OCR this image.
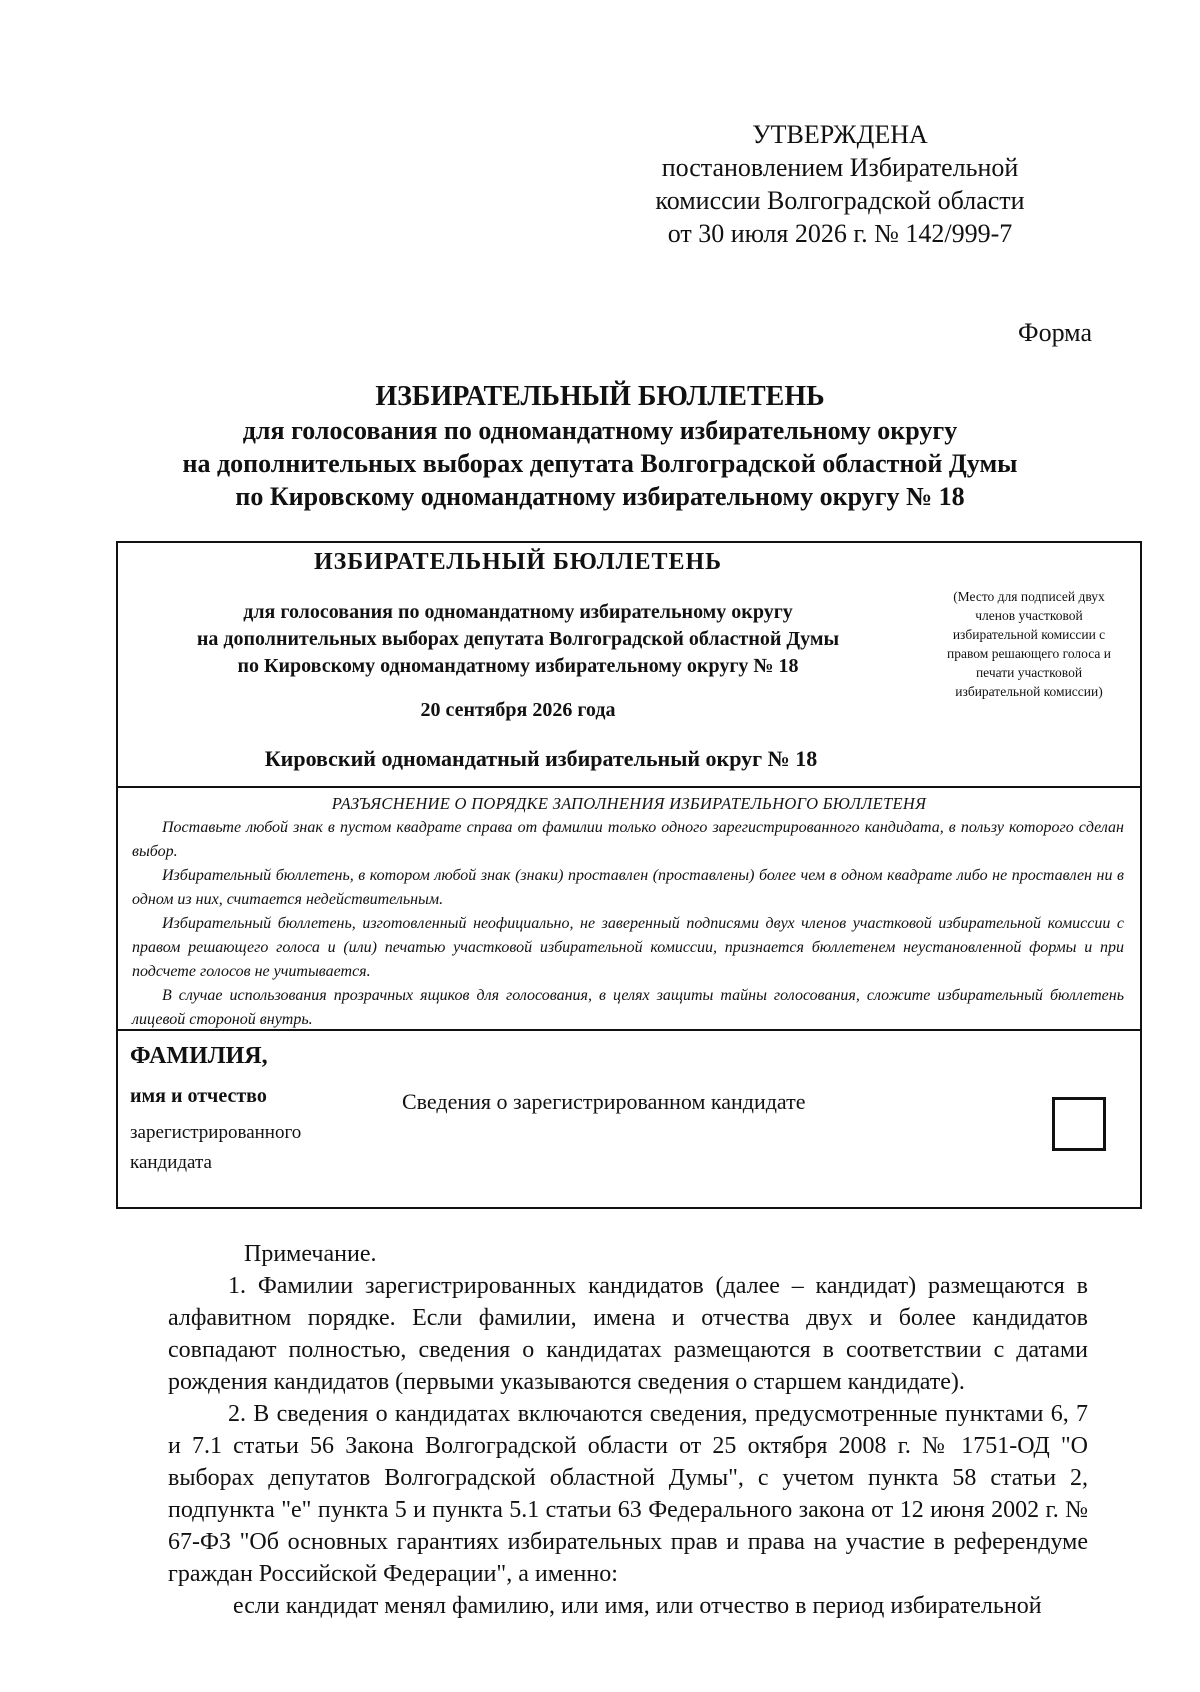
УТВЕРЖДЕНА
постановлением Избирательной
комиссии Волгоградской области
от 30 июля 2026 г. № 142/999-7
Форма
ИЗБИРАТЕЛЬНЫЙ БЮЛЛЕТЕНЬ
для голосования по одномандатному избирательному округу
на дополнительных выборах депутата Волгоградской областной Думы
по Кировскому одномандатному избирательному округу № 18
ИЗБИРАТЕЛЬНЫЙ БЮЛЛЕТЕНЬ
для голосования по одномандатному избирательному округу
на дополнительных выборах депутата Волгоградской областной Думы
по Кировскому одномандатному избирательному округу № 18
20 сентября 2026 года
Кировский одномандатный избирательный округ № 18
(Место для подписей двух
членов участковой
избирательной комиссии с
правом решающего голоса и
печати участковой
избирательной комиссии)
РАЗЪЯСНЕНИЕ О ПОРЯДКЕ ЗАПОЛНЕНИЯ ИЗБИРАТЕЛЬНОГО БЮЛЛЕТЕНЯ

Поставьте любой знак в пустом квадрате справа от фамилии только одного зарегистрированного кандидата, в пользу которого сделан выбор.

Избирательный бюллетень, в котором любой знак (знаки) проставлен (проставлены) более чем в одном квадрате либо не проставлен ни в одном из них, считается недействительным.

Избирательный бюллетень, изготовленный неофициально, не заверенный подписями двух членов участковой избирательной комиссии с правом решающего голоса и (или) печатью участковой избирательной комиссии, признается бюллетенем неустановленной формы и при подсчете голосов не учитывается.

В случае использования прозрачных ящиков для голосования, в целях защиты тайны голосования, сложите избирательный бюллетень лицевой стороной внутрь.

ФАМИЛИЯ,
имя и отчество
зарегистрированного
кандидата
Сведения о зарегистрированном кандидате
Примечание.

1. Фамилии зарегистрированных кандидатов (далее – кандидат) размещаются в алфавитном порядке. Если фамилии, имена и отчества двух и более кандидатов совпадают полностью, сведения о кандидатах размещаются в соответствии с датами рождения кандидатов (первыми указываются сведения о старшем кандидате).

2. В сведения о кандидатах включаются сведения, предусмотренные пунктами 6, 7 и 7.1 статьи 56 Закона Волгоградской области от 25 октября 2008 г. № 1751-ОД "О выборах депутатов Волгоградской областной Думы", с учетом пункта 58 статьи 2, подпункта "е" пункта 5 и пункта 5.1 статьи 63 Федерального закона от 12 июня 2002 г. № 67-ФЗ "Об основных гарантиях избирательных прав и права на участие в референдуме граждан Российской Федерации", а именно:

если кандидат менял фамилию, или имя, или отчество в период избирательной
